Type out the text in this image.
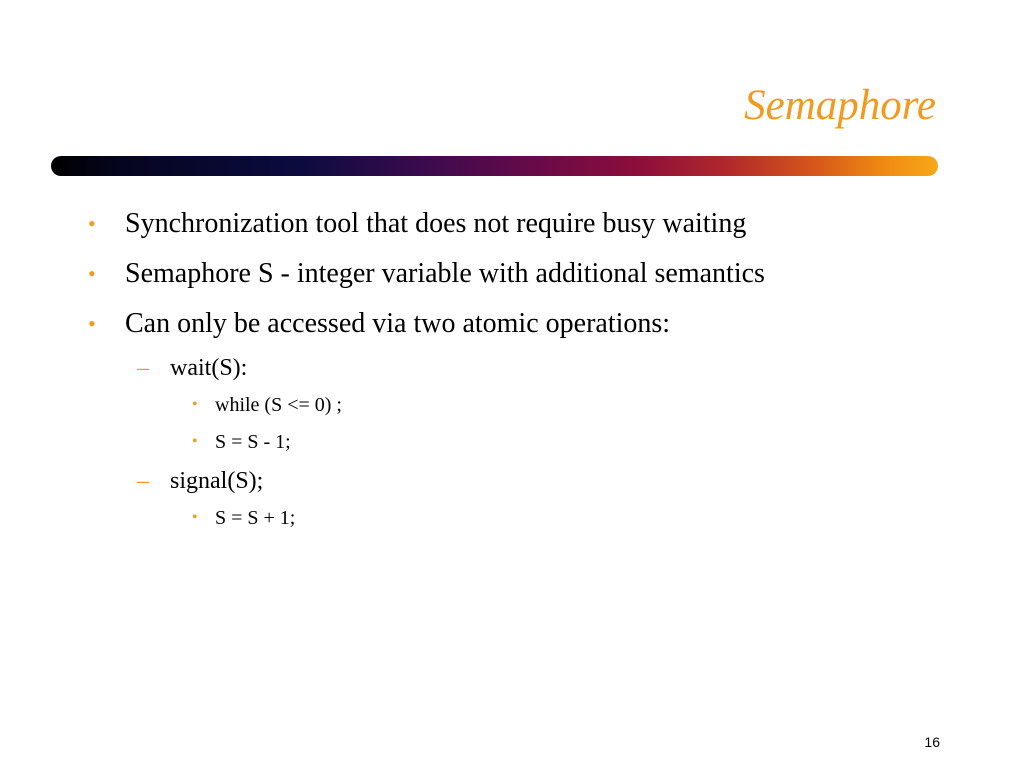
Semaphore
• Synchronization tool that does not require busy waiting
• Semaphore S - integer variable with additional semantics
• Can only be accessed via two atomic operations:
– wait(S):
• while (S <= 0) ;
• S = S - 1;
– signal(S);
• S = S + 1;
16
